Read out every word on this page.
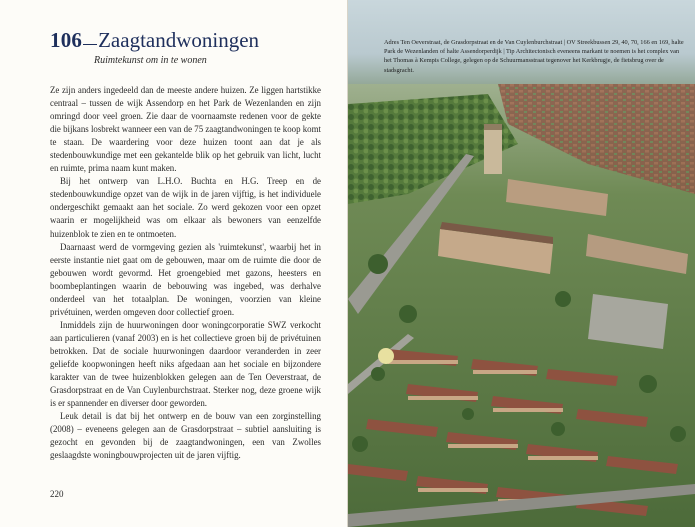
106 Zaagtandwoningen
Ruimtekunst om in te wonen

Ze zijn anders ingedeeld dan de meeste andere huizen. Ze liggen hartstikke centraal – tussen de wijk Assendorp en het Park de Wezenlanden en zijn omringd door veel groen. Zie daar de voornaamste redenen voor de gekte die bijkans losbrekt wanneer een van de 75 zaagtandwoningen te koop komt te staan. De waardering voor deze huizen toont aan dat je als stedenbouwkundige met een gekantelde blik op het gebruik van licht, lucht en ruimte, prima naam kunt maken.

Bij het ontwerp van L.H.O. Buchta en H.G. Treep en de stedenbouwkundige opzet van de wijk in de jaren vijftig, is het individuele ondergeschikt gemaakt aan het sociale. Zo werd gekozen voor een opzet waarin er mogelijkheid was om elkaar als bewoners van eenzelfde huizenblok te zien en te ontmoeten.

Daarnaast werd de vormgeving gezien als 'ruimtekunst', waarbij het in eerste instantie niet gaat om de gebouwen, maar om de ruimte die door de gebouwen wordt gevormd. Het groengebied met gazons, heesters en boombeplantingen waarin de bebouwing was ingebed, was derhalve onderdeel van het totaalplan. De woningen, voorzien van kleine privétuinen, werden omgeven door collectief groen.

Inmiddels zijn de huurwoningen door woningcorporatie SWZ verkocht aan particulieren (vanaf 2003) en is het collectieve groen bij de privétuinen betrokken. Dat de sociale huurwoningen daardoor veranderden in zeer geliefde koopwoningen heeft niks afgedaan aan het sociale en bijzondere karakter van de twee huizenblokken gelegen aan de Ten Oeverstraat, de Grasdorpstraat en de Van Cuylenburchstraat. Sterker nog, deze groene wijk is er spannender en diverser door geworden.

Leuk detail is dat bij het ontwerp en de bouw van een zorginstelling (2008) – eveneens gelegen aan de Grasdorpstraat – subtiel aansluiting is gezocht en gevonden bij de zaagtandwoningen, een van Zwolles geslaagdste woningbouwprojecten uit de jaren vijftig.

220
Adres Ten Oeverstraat, de Grasdorpstraat en de Van Cuylenburchstraat | OV Streekbussen 29, 40, 70, 166 en 169, halte Park de Wezenlanden of halte Assendorperdijk | Tip Architectonisch eveneens markant te noemen is het complex van het Thomas à Kempis College, gelegen op de Schuurmansstraat tegenover het Kerkbrugje, de fietsbrug over de stadsgracht.
